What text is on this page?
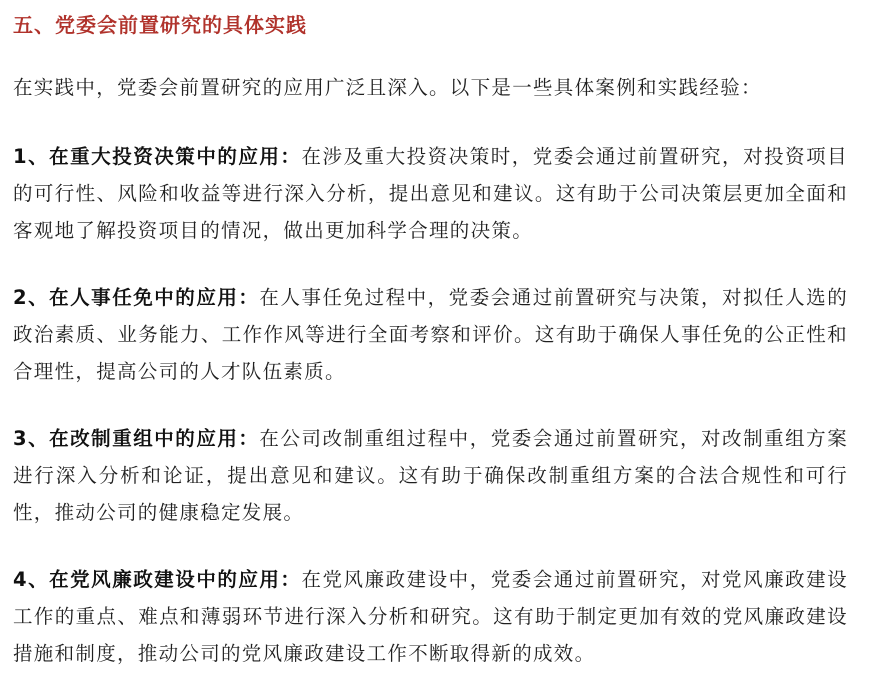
五、党委会前置研究的具体实践

在实践中，党委会前置研究的应用广泛且深入。以下是一些具体案例和实践经验：

1、在重大投资决策中的应用：在涉及重大投资决策时，党委会通过前置研究，对投资项目的可行性、风险和收益等进行深入分析，提出意见和建议。这有助于公司决策层更加全面和客观地了解投资项目的情况，做出更加科学合理的决策。

2、在人事任免中的应用：在人事任免过程中，党委会通过前置研究与决策，对拟任人选的政治素质、业务能力、工作作风等进行全面考察和评价。这有助于确保人事任免的公正性和合理性，提高公司的人才队伍素质。

3、在改制重组中的应用：在公司改制重组过程中，党委会通过前置研究，对改制重组方案进行深入分析和论证，提出意见和建议。这有助于确保改制重组方案的合法合规性和可行性，推动公司的健康稳定发展。

4、在党风廉政建设中的应用：在党风廉政建设中，党委会通过前置研究，对党风廉政建设工作的重点、难点和薄弱环节进行深入分析和研究。这有助于制定更加有效的党风廉政建设措施和制度，推动公司的党风廉政建设工作不断取得新的成效。
